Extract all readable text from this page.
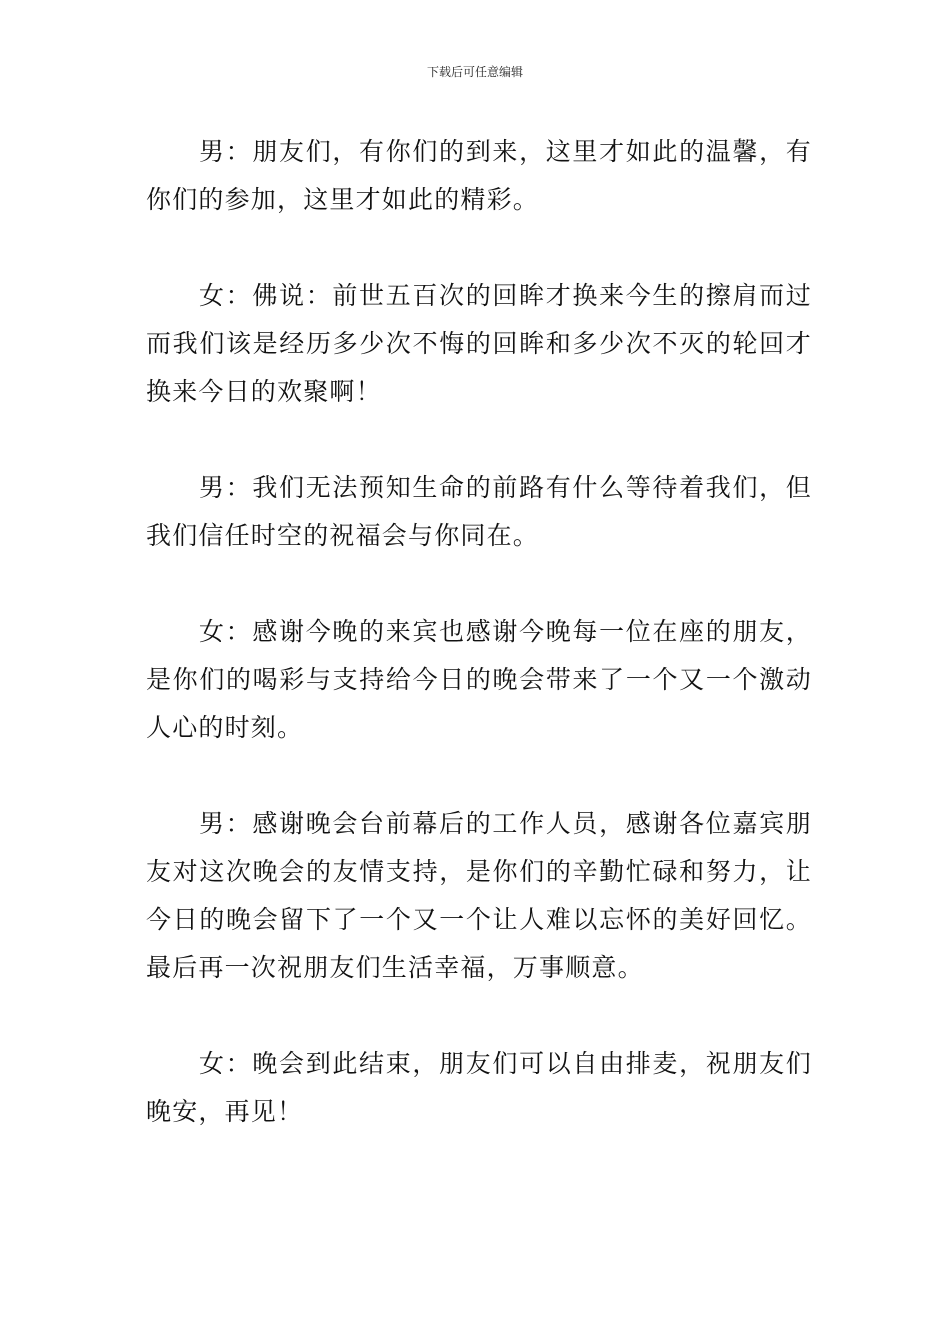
下载后可任意编辑

男：朋友们，有你们的到来，这里才如此的温馨，有你们的参加，这里才如此的精彩。

女：佛说：前世五百次的回眸才换来今生的擦肩而过而我们该是经历多少次不悔的回眸和多少次不灭的轮回才换来今日的欢聚啊！

男：我们无法预知生命的前路有什么等待着我们，但我们信任时空的祝福会与你同在。

女：感谢今晚的来宾也感谢今晚每一位在座的朋友，是你们的喝彩与支持给今日的晚会带来了一个又一个激动人心的时刻。

男：感谢晚会台前幕后的工作人员，感谢各位嘉宾朋友对这次晚会的友情支持，是你们的辛勤忙碌和努力，让今日的晚会留下了一个又一个让人难以忘怀的美好回忆。最后再一次祝朋友们生活幸福，万事顺意。

女：晚会到此结束，朋友们可以自由排麦，祝朋友们晚安，再见！
